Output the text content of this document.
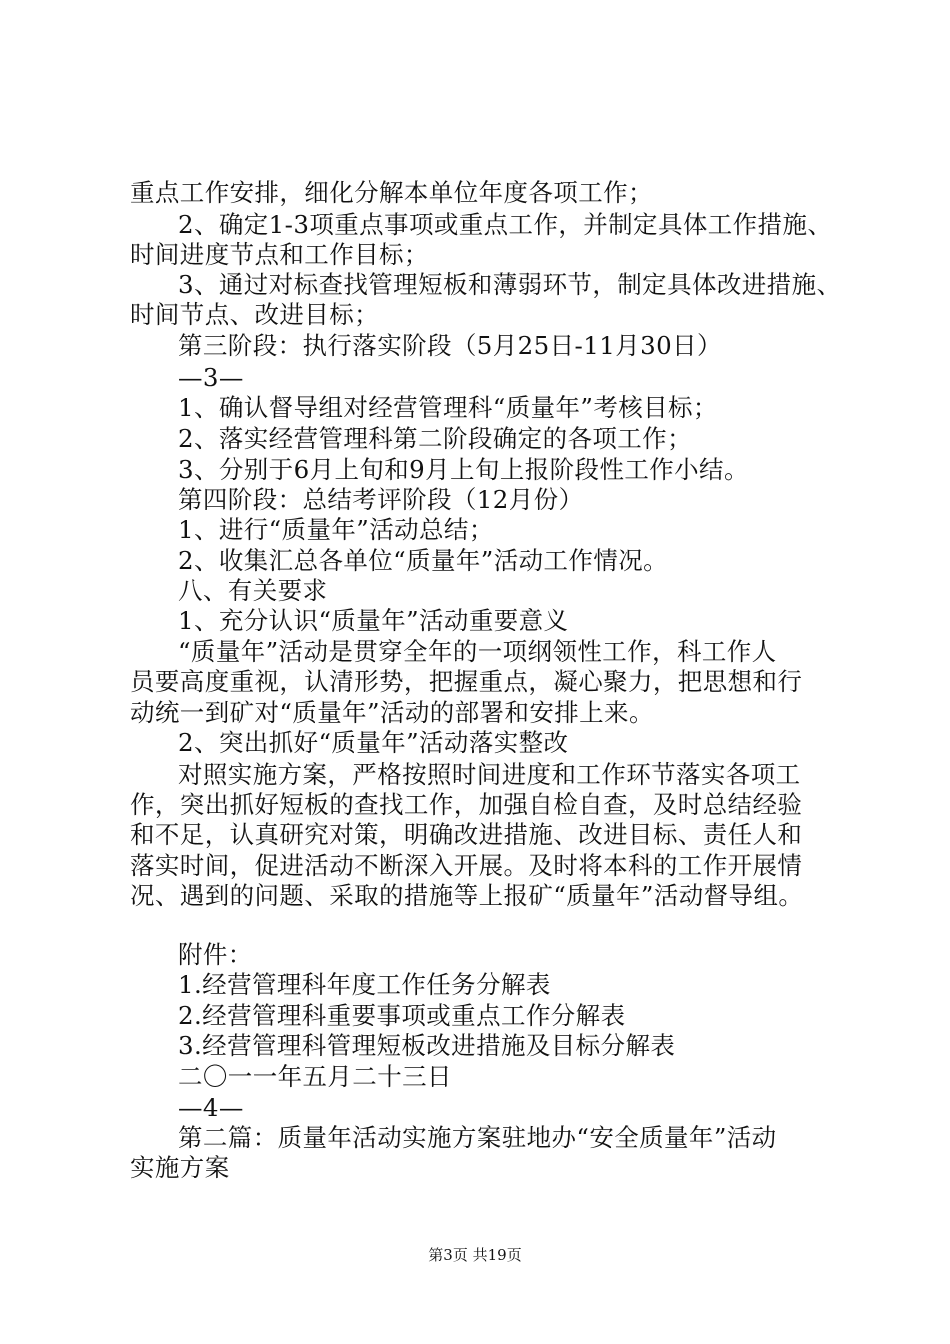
重点工作安排，细化分解本单位年度各项工作；
2、确定1-3项重点事项或重点工作，并制定具体工作措施、
时间进度节点和工作目标；
3、通过对标查找管理短板和薄弱环节，制定具体改进措施、
时间节点、改进目标；
第三阶段：执行落实阶段（5月25日-11月30日）
—3—
1、确认督导组对经营管理科“质量年”考核目标；
2、落实经营管理科第二阶段确定的各项工作；
3、分别于6月上旬和9月上旬上报阶段性工作小结。
第四阶段：总结考评阶段（12月份）
1、进行“质量年”活动总结；
2、收集汇总各单位“质量年”活动工作情况。
八、有关要求
1、充分认识“质量年”活动重要意义
“质量年”活动是贯穿全年的一项纲领性工作，科工作人
员要高度重视，认清形势，把握重点，凝心聚力，把思想和行
动统一到矿对“质量年”活动的部署和安排上来。
2、突出抓好“质量年”活动落实整改
对照实施方案，严格按照时间进度和工作环节落实各项工
作，突出抓好短板的查找工作，加强自检自查，及时总结经验
和不足，认真研究对策，明确改进措施、改进目标、责任人和
落实时间，促进活动不断深入开展。及时将本科的工作开展情
况、遇到的问题、采取的措施等上报矿“质量年”活动督导组。
附件：
1.经营管理科年度工作任务分解表
2.经营管理科重要事项或重点工作分解表
3.经营管理科管理短板改进措施及目标分解表
二〇一一年五月二十三日
—4—
第二篇：质量年活动实施方案驻地办“安全质量年”活动
实施方案
第3页 共19页
